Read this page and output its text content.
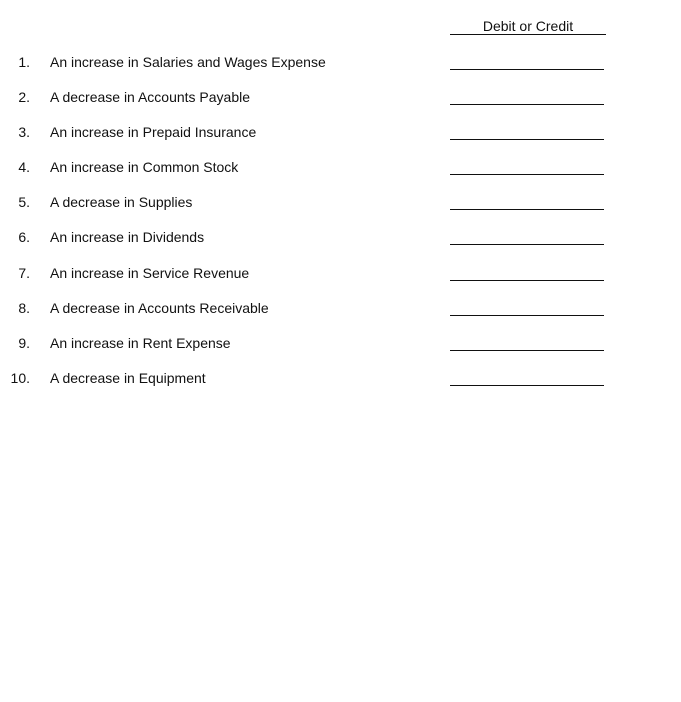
Debit or Credit
1. An increase in Salaries and Wages Expense
2. A decrease in Accounts Payable
3. An increase in Prepaid Insurance
4. An increase in Common Stock
5. A decrease in Supplies
6. An increase in Dividends
7. An increase in Service Revenue
8. A decrease in Accounts Receivable
9. An increase in Rent Expense
10. A decrease in Equipment
